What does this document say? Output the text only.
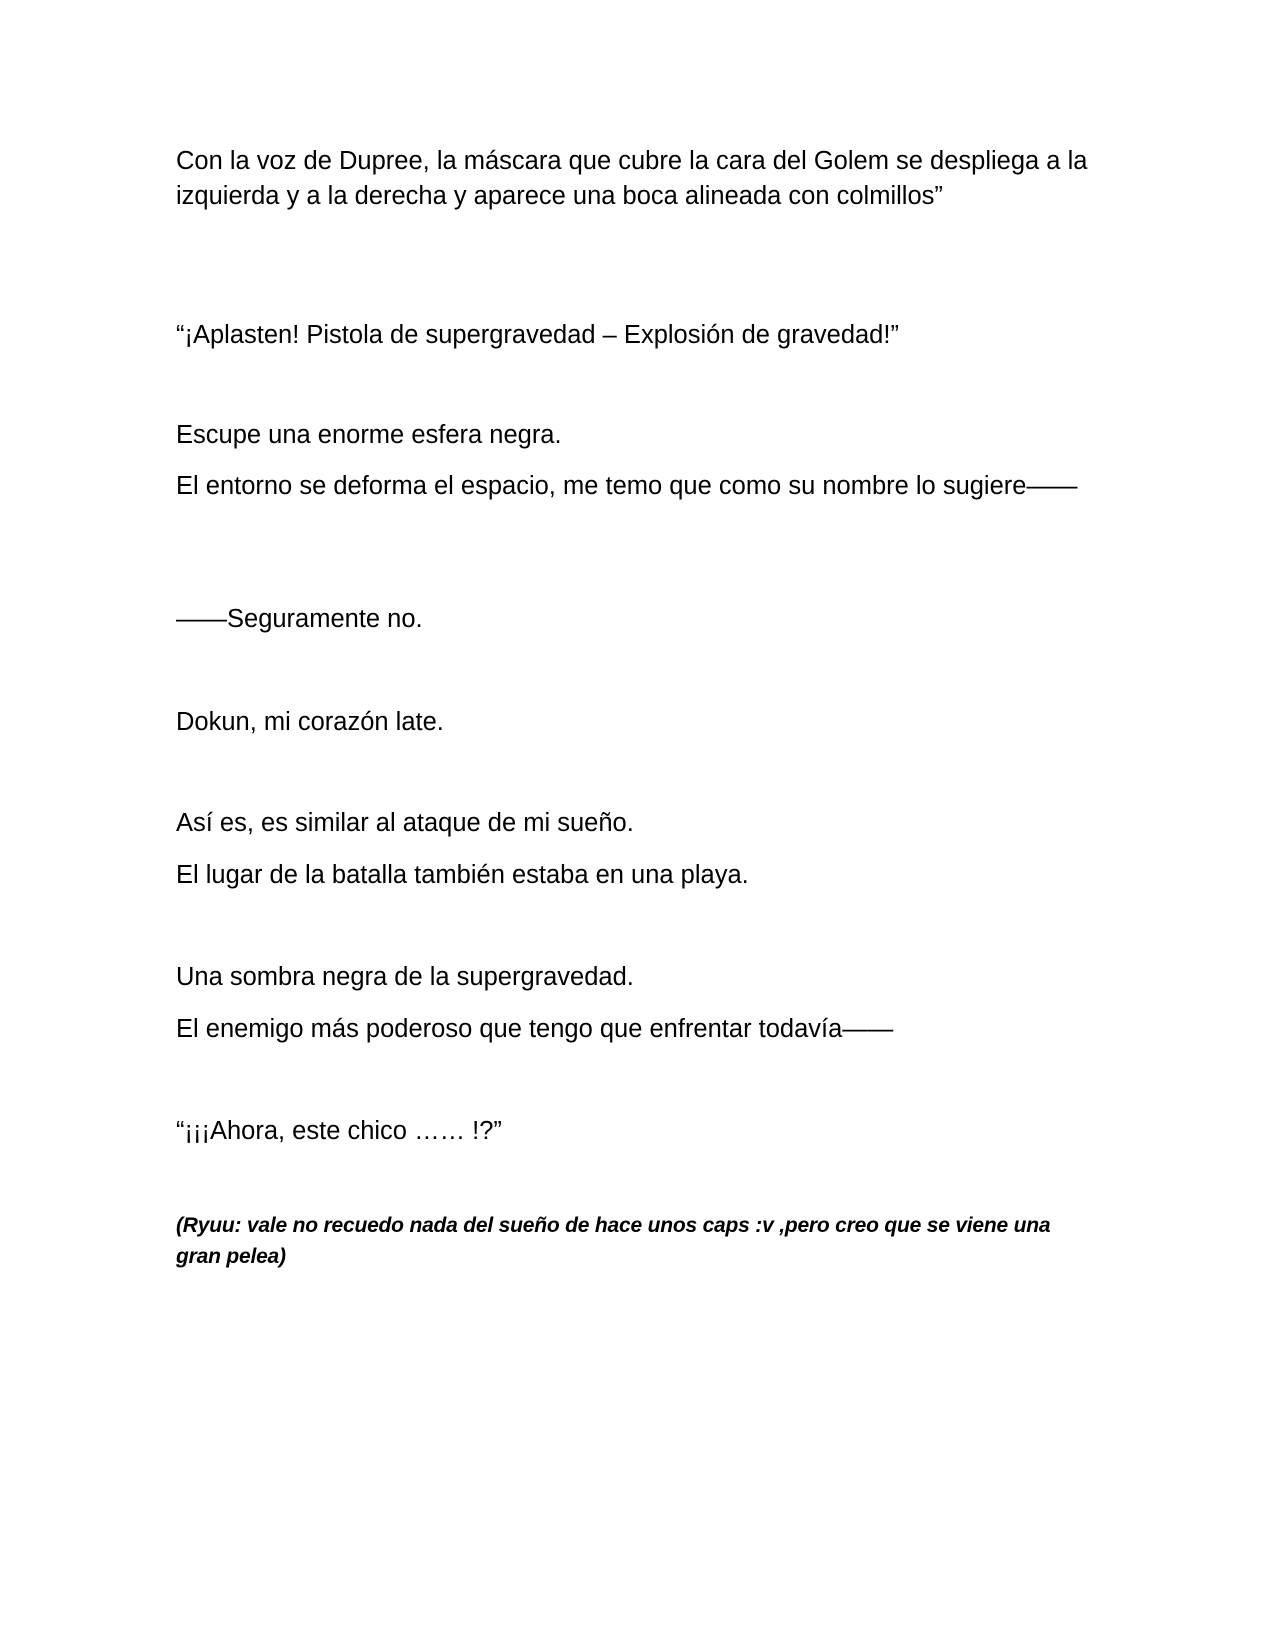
Con la voz de Dupree, la máscara que cubre la cara del Golem se despliega a la izquierda y a la derecha y aparece una boca alineada con colmillos”

“¡Aplasten! Pistola de supergravedad – Explosión de gravedad!”

Escupe una enorme esfera negra.

El entorno se deforma el espacio, me temo que como su nombre lo sugiere――

――Seguramente no.

Dokun, mi corazón late.

Así es, es similar al ataque de mi sueño.

El lugar de la batalla también estaba en una playa.

Una sombra negra de la supergravedad.

El enemigo más poderoso que tengo que enfrentar todavía――

“¡¡¡Ahora, este chico …… !?”

(Ryuu: vale no recuedo nada del sueño de hace unos caps :v ,pero creo que se viene una gran pelea)
